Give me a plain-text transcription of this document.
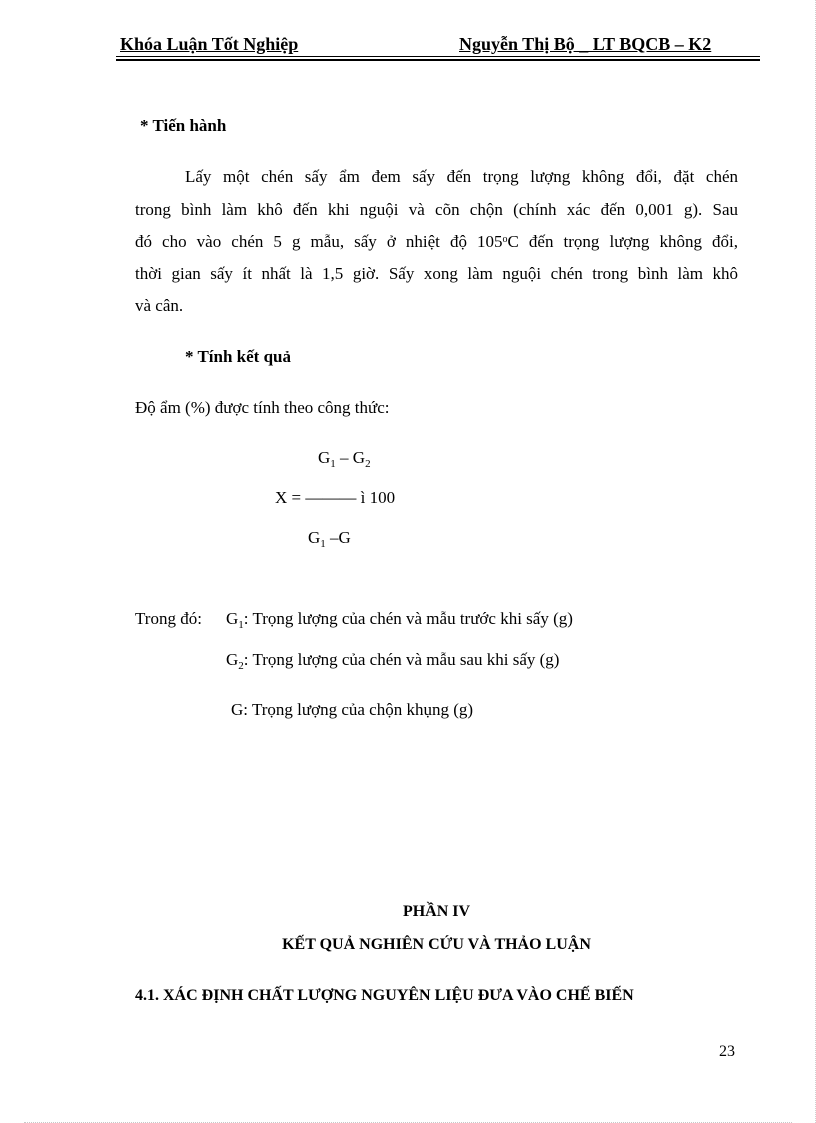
Khóa Luận Tốt Nghiệp	Nguyễn Thị Bộ _ LT BQCB – K2
* Tiến hành
Lấy một chén sấy ẩm đem sấy đến trọng lượng không đổi, đặt chén
trong bình làm khô đến khi nguội và cõn chộn (chính xác đến 0,001 g). Sau
đó cho vào chén 5 g mẫu, sấy ở nhiệt độ 105$^o$C đến trọng lượng không đổi,
thời gian sấy ít nhất là 1,5 giờ. Sấy xong làm nguội chén trong bình làm khô
và cân.
* Tính kết quả
Độ ẩm (%) được tính theo công thức:
$G_1 - G_2$
X = ——— ì 100
$G_1$ –G
Trong đó: $G_1$: Trọng lượng của chén và mẫu trước khi sấy (g)
$G_2$: Trọng lượng của chén và mẫu sau khi sấy (g)
G: Trọng lượng của chộn khụng (g)
PHẦN IV
KẾT QUẢ NGHIÊN CỨU VÀ THẢO LUẬN
4.1. XÁC ĐỊNH CHẤT LƯỢNG NGUYÊN LIỆU ĐƯA VÀO CHẾ BIẾN
23
